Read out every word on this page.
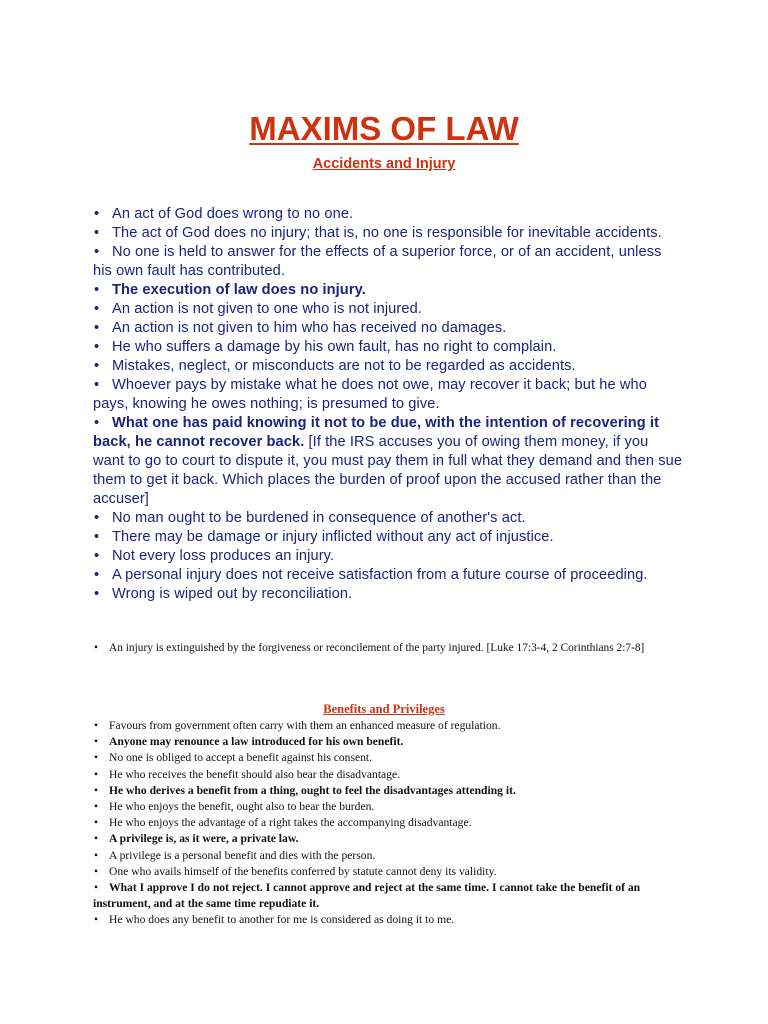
MAXIMS OF LAW
Accidents and Injury
• An act of God does wrong to no one.
• The act of God does no injury; that is, no one is responsible for inevitable accidents.
• No one is held to answer for the effects of a superior force, or of an accident, unless his own fault has contributed.
• The execution of law does no injury.
• An action is not given to one who is not injured.
• An action is not given to him who has received no damages.
• He who suffers a damage by his own fault, has no right to complain.
• Mistakes, neglect, or misconducts are not to be regarded as accidents.
• Whoever pays by mistake what he does not owe, may recover it back; but he who pays, knowing he owes nothing; is presumed to give.
• What one has paid knowing it not to be due, with the intention of recovering it back, he cannot recover back. [If the IRS accuses you of owing them money, if you want to go to court to dispute it, you must pay them in full what they demand and then sue them to get it back. Which places the burden of proof upon the accused rather than the accuser]
• No man ought to be burdened in consequence of another's act.
• There may be damage or injury inflicted without any act of injustice.
• Not every loss produces an injury.
• A personal injury does not receive satisfaction from a future course of proceeding.
• Wrong is wiped out by reconciliation.
• An injury is extinguished by the forgiveness or reconcilement of the party injured. [Luke 17:3-4, 2 Corinthians 2:7-8]
Benefits and Privileges
• Favours from government often carry with them an enhanced measure of regulation.
• Anyone may renounce a law introduced for his own benefit.
• No one is obliged to accept a benefit against his consent.
• He who receives the benefit should also bear the disadvantage.
• He who derives a benefit from a thing, ought to feel the disadvantages attending it.
• He who enjoys the benefit, ought also to bear the burden.
• He who enjoys the advantage of a right takes the accompanying disadvantage.
• A privilege is, as it were, a private law.
• A privilege is a personal benefit and dies with the person.
• One who avails himself of the benefits conferred by statute cannot deny its validity.
• What I approve I do not reject. I cannot approve and reject at the same time. I cannot take the benefit of an instrument, and at the same time repudiate it.
• He who does any benefit to another for me is considered as doing it to me.
